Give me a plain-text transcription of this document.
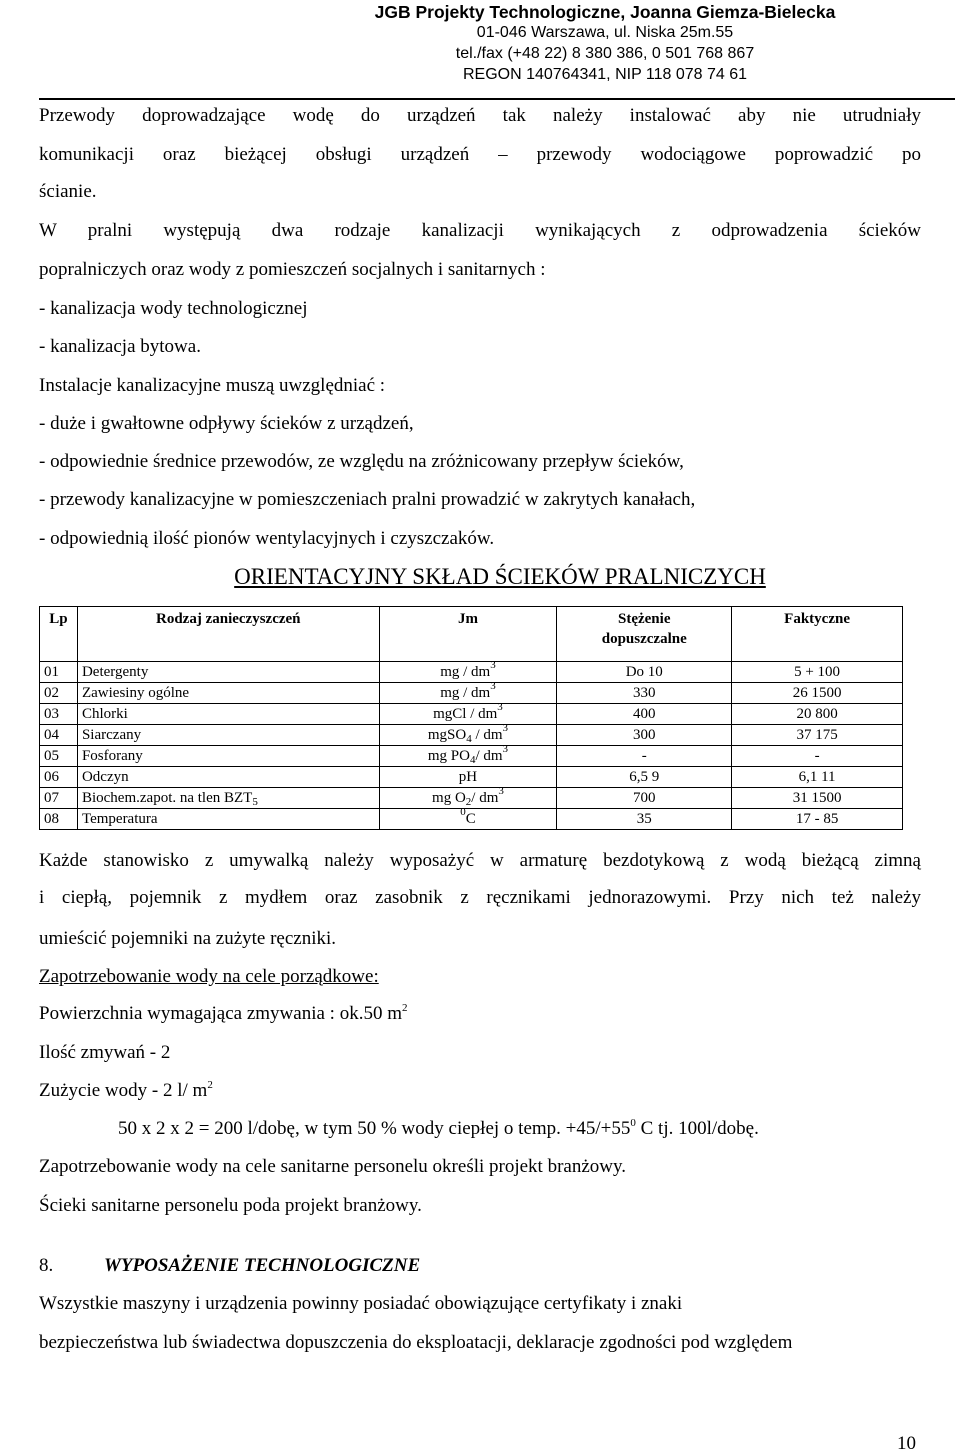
JGB Projekty Technologiczne, Joanna Giemza-Bielecka
01-046 Warszawa, ul. Niska 25m.55
tel./fax (+48 22) 8 380 386, 0 501 768 867
REGON 140764341, NIP 118 078 74 61
Przewody doprowadzające wodę do urządzeń tak należy instalować aby nie utrudniały
komunikacji oraz bieżącej obsługi urządzeń – przewody wodociągowe poprowadzić po
ścianie.
W pralni występują dwa rodzaje kanalizacji wynikających z odprowadzenia ścieków
popralniczych oraz wody z pomieszczeń socjalnych i sanitarnych :
- kanalizacja wody technologicznej
- kanalizacja bytowa.
Instalacje kanalizacyjne muszą uwzględniać :
- duże i gwałtowne odpływy ścieków z urządzeń,
- odpowiednie średnice przewodów, ze względu na zróżnicowany przepływ ścieków,
- przewody kanalizacyjne w pomieszczeniach pralni prowadzić w zakrytych kanałach,
- odpowiednią ilość pionów wentylacyjnych i czyszczaków.
ORIENTACYJNY SKŁAD ŚCIEKÓW PRALNICZYCH
Lp	Rodzaj zanieczyszczeń	Jm	Stężenie
dopuszczalne	Faktyczne
01	Detergenty	mg / $dm^3$	Do 10	5 + 100
02	Zawiesiny ogólne	mg / $dm^3$	330	26 1500
03	Chlorki	mgCl / $dm^3$	400	20 800
04	Siarczany	mgSO$_4$ / $dm^3$	300	37 175
05	Fosforany	mg $PO_4/$ $dm^3$	-	-
06	Odczyn	pH	6,5 9	6,1 11
07	Biochem.zapot. na tlen $BZT_5$	mg $O_2/$ $dm^3$	700	31 1500
08	Temperatura	$^0$C	35	17 - 85
Każde stanowisko z umywalką należy wyposażyć w armaturę bezdotykową z wodą bieżącą zimną
i ciepłą, pojemnik z mydłem oraz zasobnik z ręcznikami jednorazowymi. Przy nich też należy
umieścić pojemniki na zużyte ręczniki.
Zapotrzebowanie wody na cele porządkowe:
Powierzchnia wymagająca zmywania : ok.50 $m^2$
Ilość zmywań - 2
Zużycie wody - 2 l/ $m^2$
50 x 2 x 2 = 200 l/dobę, w tym 50 % wody ciepłej o temp. $+45/+55^0$ C tj. 100l/dobę.
Zapotrzebowanie wody na cele sanitarne personelu określi projekt branżowy.
Ścieki sanitarne personelu poda projekt branżowy.
8.	WYPOSAŻENIE TECHNOLOGICZNE
Wszystkie maszyny i urządzenia powinny posiadać obowiązujące certyfikaty i znaki
bezpieczeństwa lub świadectwa dopuszczenia do eksploatacji, deklaracje zgodności pod względem
10
